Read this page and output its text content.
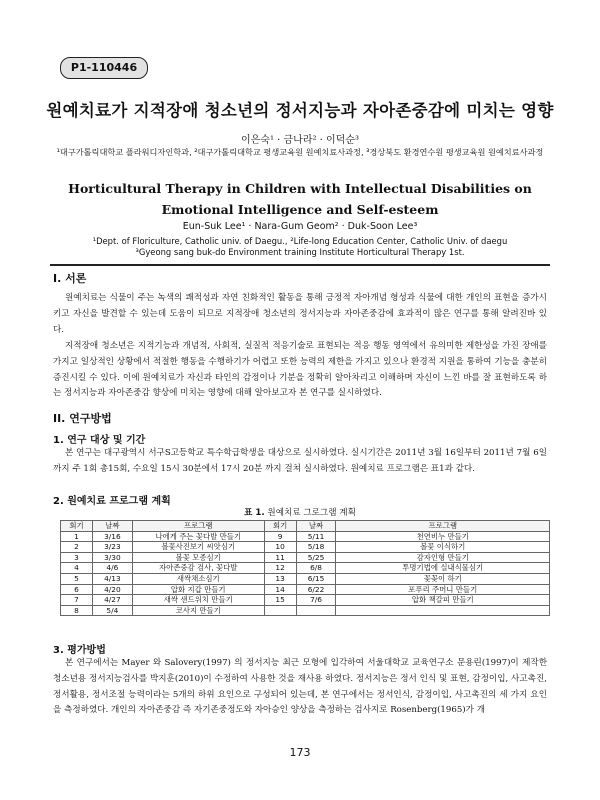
P1-110446
원예치료가 지적장애 청소년의 정서지능과 자아존중감에 미치는 영향
이은숙¹ · 금나라² · 이덕순³
¹대구가톨릭대학교 플라워디자인학과, ²대구가톨릭대학교 평생교육원 원예치료사과정, ³경상북도 환경연수원 평생교육원 원예치료사과정
Horticultural Therapy in Children with Intellectual Disabilities on
Emotional Intelligence and Self-esteem
Eun-Suk Lee¹ · Nara-Gum Geom² · Duk-Soon Lee³
¹Dept. of Floriculture, Catholic univ. of Daegu., ²Life-long Education Center, Catholic Univ. of daegu
³Gyeong sang buk-do Environment training Institute Horticultural Therapy 1st.
I. 서론

원예치료는 식물이 주는 녹색의 쾌적성과 자연 친화적인 활동을 통해 긍정적 자아개념 형성과 식물에 대한 개인의 표현을 증가시키고 자신을 발견할 수 있는데 도움이 되므로 지적장애 청소년의 정서지능과 자아존중감에 효과적이 많은 연구를 통해 알려진바 있다.

지적장애 청소년은 지적기능과 개념적, 사회적, 실질적 적응기술로 표현되는 적응 행동 영역에서 유의미한 제한성을 가진 장애를 가지고 일상적인 상황에서 적절한 행동을 수행하기가 어렵고 또한 능력의 제한을 가지고 있으나 환경적 지원을 통하여 기능을 충분히 증진시킬 수 있다. 이에 원예치료가 자신과 타인의 감정이나 기분을 정확히 알아차리고 이해하며 자신이 느낀 바를 잘 표현하도록 하는 정서지능과 자아존중감 향상에 미치는 영향에 대해 알아보고자 본 연구를 실시하였다.

II. 연구방법
1. 연구 대상 및 기간

본 연구는 대구광역시 서구S고등학교 특수학급학생을 대상으로 실시하였다. 실시기간은 2011년 3월 16일부터 2011년 7월 6일 까지 주 1회 총15회, 수요일 15시 30분에서 17시 20분 까지 걸쳐 실시하였다. 원예치료 프로그램은 표1과 같다.

2. 원예치료 프로그램 계획
표 1. 원예치료 그로그램 계획
회기	날짜	프로그램	회기	날짜	프로그램
1	3/16	나에게 주는 꽃다발 만들기	9	5/11	천연비누 만들기
2	3/23	볼꽃사진보기 씨앗심기	10	5/18	볼꽃 이식하기
3	3/30	볼꽃 모종심기	11	5/25	감자인형 만들기
4	4/6	자아존중감 검사, 꽃다발	12	6/8	투명기법에 실내식물심기
5	4/13	새싹채소심기	13	6/15	꽃꽂이 하기
6	4/20	압화 지갑 만들기	14	6/22	포푸리 주머니 만들기
7	4/27	새싹 샌드위치 만들기	15	7/6	압화 책갈피 만들기
8	5/4	코사지 만들기			
3. 평가방법

본 연구에서는 Mayer 와 Salovery(1997) 의 정서지능 최근 모형에 입각하여 서울대학교 교육연구소 문용린(1997)이 제작한 청소년용 정서지능검사를 박지훈(2010)이 수정하여 사용한 것을 재사용 하였다. 정서지능은 정서 인식 및 표현, 감정이입, 사고촉진, 정서활용, 정서조절 능력이라는 5개의 하위 요인으로 구성되어 있는데, 본 연구에서는 정서인식, 감정이입, 사고촉진의 세 가지 요인을 측정하였다. 개인의 자아존중감 즉 자기존중정도와 자아승인 양상을 측정하는 검사지로 Rosenberg(1965)가 개

173
